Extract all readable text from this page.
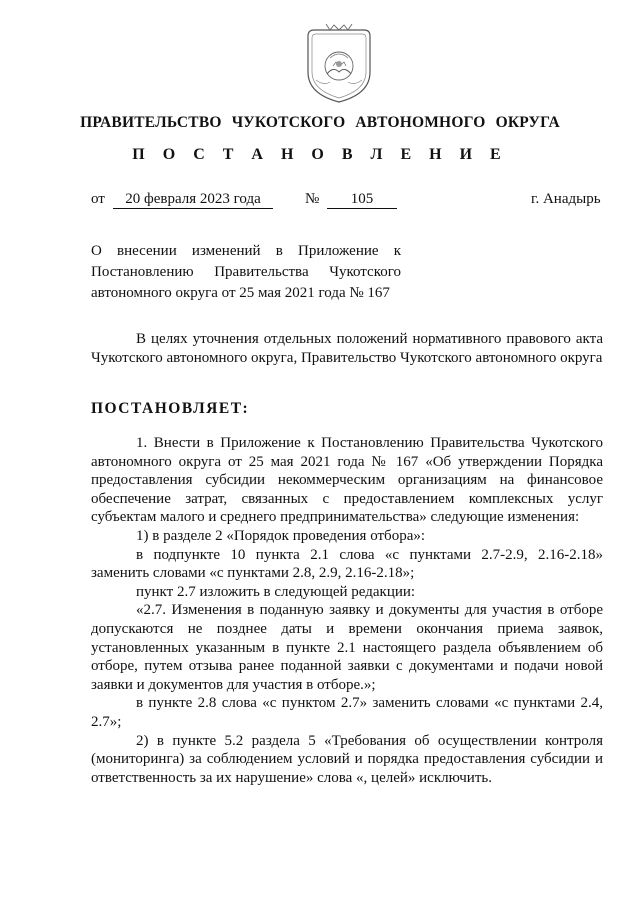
ПРАВИТЕЛЬСТВО ЧУКОТСКОГО АВТОНОМНОГО ОКРУГА
П О С Т А Н О В Л Е Н И Е
от	20 февраля 2023 года	№	105	г. Анадырь
О внесении изменений в Приложение к
Постановлению Правительства Чукотского
автономного округа от 25 мая 2021 года № 167

В целях уточнения отдельных положений нормативного правового акта Чукотского автономного округа, Правительство Чукотского автономного округа

ПОСТАНОВЛЯЕТ:

1. Внести в Приложение к Постановлению Правительства Чукотского автономного округа от 25 мая 2021 года № 167 «Об утверждении Порядка предоставления субсидии некоммерческим организациям на финансовое обеспечение затрат, связанных с предоставлением комплексных услуг субъектам малого и среднего предпринимательства» следующие изменения:

1) в разделе 2 «Порядок проведения отбора»:

в подпункте 10 пункта 2.1 слова «с пунктами 2.7-2.9, 2.16-2.18» заменить словами «с пунктами 2.8, 2.9, 2.16-2.18»;

пункт 2.7 изложить в следующей редакции:

«2.7. Изменения в поданную заявку и документы для участия в отборе допускаются не позднее даты и времени окончания приема заявок, установленных указанным в пункте 2.1 настоящего раздела объявлением об отборе, путем отзыва ранее поданной заявки с документами и подачи новой заявки и документов для участия в отборе.»;

в пункте 2.8 слова «с пунктом 2.7» заменить словами «с пунктами 2.4, 2.7»;

2) в пункте 5.2 раздела 5 «Требования об осуществлении контроля (мониторинга) за соблюдением условий и порядка предоставления субсидии и ответственность за их нарушение» слова «, целей» исключить.
